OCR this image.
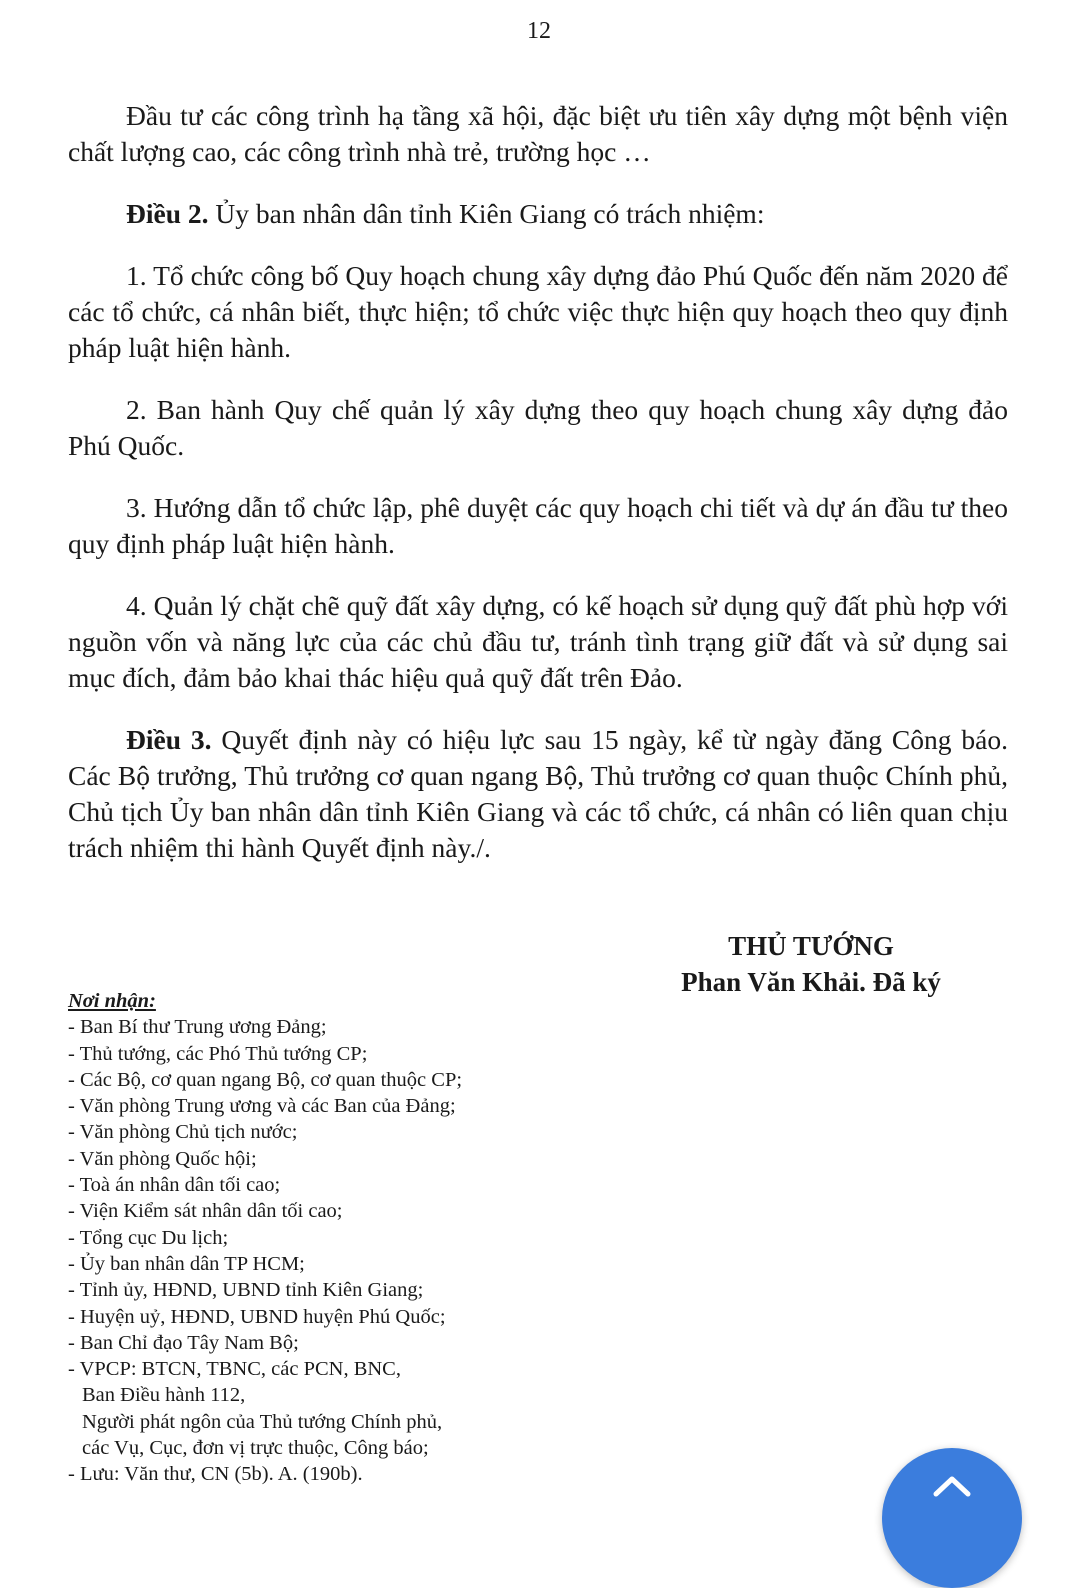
12

Đầu tư các công trình hạ tầng xã hội, đặc biệt ưu tiên xây dựng một bệnh viện chất lượng cao, các công trình nhà trẻ, trường học …

Điều 2. Ủy ban nhân dân tỉnh Kiên Giang có trách nhiệm:

1. Tổ chức công bố Quy hoạch chung xây dựng đảo Phú Quốc đến năm 2020 để các tổ chức, cá nhân biết, thực hiện; tổ chức việc thực hiện quy hoạch theo quy định pháp luật hiện hành.

2. Ban hành Quy chế quản lý xây dựng theo quy hoạch chung xây dựng đảo Phú Quốc.

3. Hướng dẫn tổ chức lập, phê duyệt các quy hoạch chi tiết và dự án đầu tư theo quy định pháp luật hiện hành.

4. Quản lý chặt chẽ quỹ đất xây dựng, có kế hoạch sử dụng quỹ đất phù hợp với nguồn vốn và năng lực của các chủ đầu tư, tránh tình trạng giữ đất và sử dụng sai mục đích, đảm bảo khai thác hiệu quả quỹ đất trên Đảo.

Điều 3. Quyết định này có hiệu lực sau 15 ngày, kể từ ngày đăng Công báo. Các Bộ trưởng, Thủ trưởng cơ quan ngang Bộ, Thủ trưởng cơ quan thuộc Chính phủ, Chủ tịch Ủy ban nhân dân tỉnh Kiên Giang và các tổ chức, cá nhân có liên quan chịu trách nhiệm thi hành Quyết định này./.

THỦ TƯỚNG
Phan Văn Khải. Đã ký
Nơi nhận:
- Ban Bí thư Trung ương Đảng;
- Thủ tướng, các Phó Thủ tướng CP;
- Các Bộ, cơ quan ngang Bộ, cơ quan thuộc CP;
- Văn phòng Trung ương và các Ban của Đảng;
- Văn phòng Chủ tịch nước;
- Văn phòng Quốc hội;
- Toà án nhân dân tối cao;
- Viện Kiểm sát nhân dân tối cao;
- Tổng cục Du lịch;
- Ủy ban nhân dân TP HCM;
- Tỉnh ủy, HĐND, UBND tỉnh Kiên Giang;
- Huyện uỷ, HĐND, UBND huyện Phú Quốc;
- Ban Chỉ đạo Tây Nam Bộ;
- VPCP: BTCN, TBNC, các PCN, BNC,
Ban Điều hành 112,
Người phát ngôn của Thủ tướng Chính phủ,
các Vụ, Cục, đơn vị trực thuộc, Công báo;
- Lưu: Văn thư, CN (5b). A. (190b).
